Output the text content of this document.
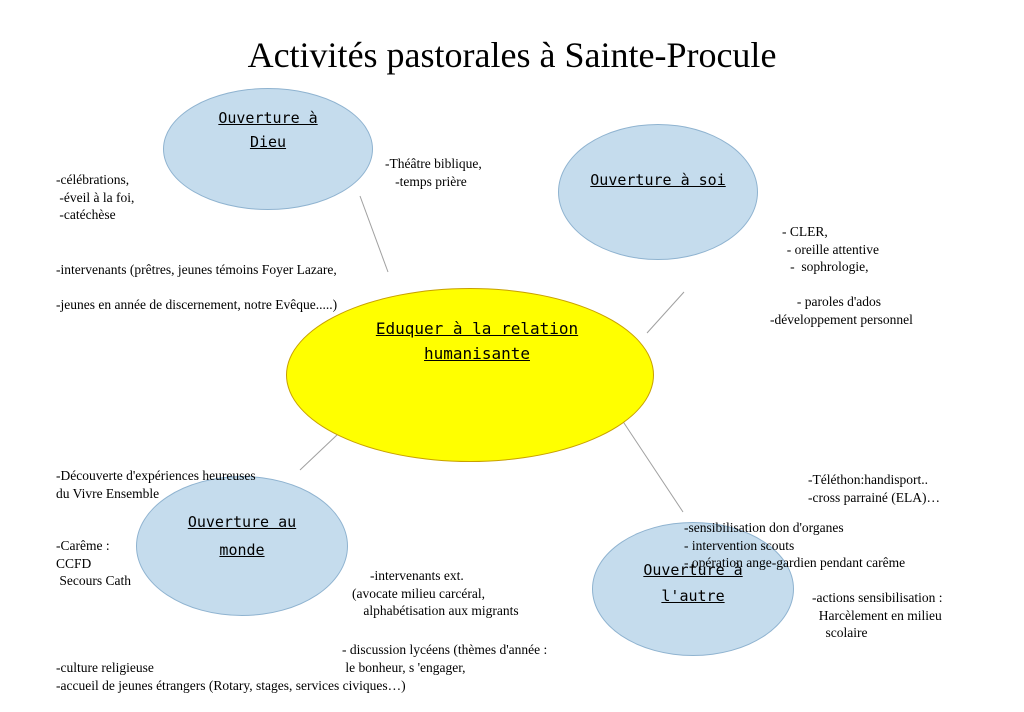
Activités pastorales à Sainte-Procule
Ouverture à
Dieu
Ouverture à soi
Eduquer à la relation
humanisante
Ouverture au
monde
Ouverture à
l'autre

-célébrations,
-éveil à la foi,
-catéchèse

-Théâtre biblique,
-temps prière

-intervenants (prêtres, jeunes témoins Foyer Lazare,
-jeunes en année de discernement, notre Evêque.....)

- CLER,
- oreille attentive
-  sophrologie,
- paroles d'ados
-développement personnel

-Découverte d'expériences heureuses
du Vivre Ensemble

-Carême :
CCFD
Secours Cath

	-intervenants ext.
(avocate milieu carcéral,
alphabétisation aux migrants

- discussion lycéens (thèmes d'année :
le bonheur, s 'engager,

-culture religieuse
-accueil de jeunes étrangers (Rotary, stages, services civiques…)

-Téléthon:handisport..
-cross parrainé (ELA)…

-sensibilisation don d'organes
- intervention scouts
- opération ange-gardien pendant carême

-actions sensibilisation :
Harcèlement en milieu
scolaire
